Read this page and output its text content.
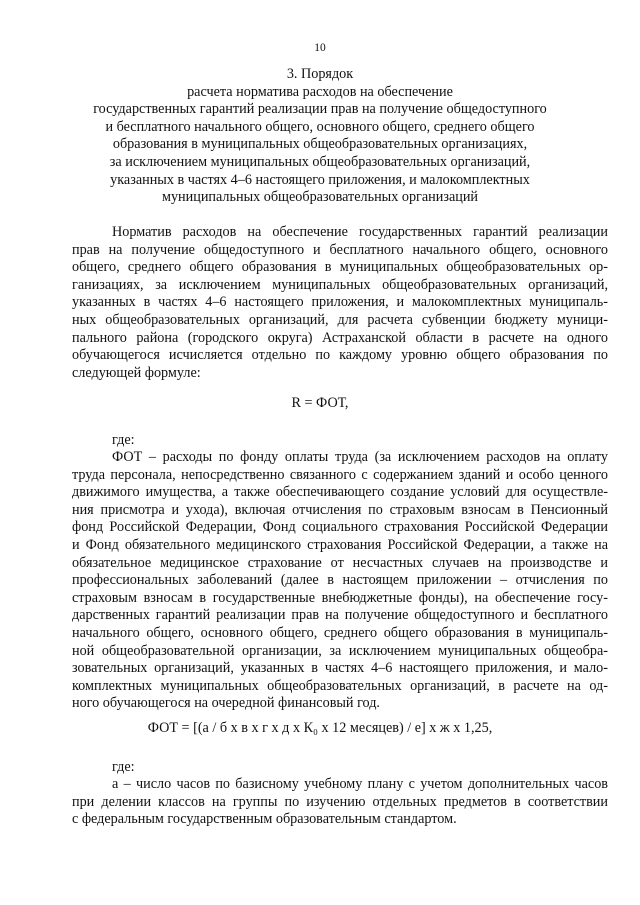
10
3. Порядок
расчета норматива расходов на обеспечение
государственных гарантий реализации прав на получение общедоступного
и бесплатного начального общего, основного общего, среднего общего
образования в муниципальных общеобразовательных организациях,
за исключением муниципальных общеобразовательных организаций,
указанных в частях 4–6 настоящего приложения, и малокомплектных
муниципальных общеобразовательных организаций
Норматив расходов на обеспечение государственных гарантий реализации
прав на получение общедоступного и бесплатного начального общего, основного
общего, среднего общего образования в муниципальных общеобразовательных ор-
ганизациях, за исключением муниципальных общеобразовательных организаций,
указанных в частях 4–6 настоящего приложения, и малокомплектных муниципаль-
ных общеобразовательных организаций, для расчета субвенции бюджету муници-
пального района (городского округа) Астраханской области в расчете на одного
обучающегося исчисляется отдельно по каждому уровню общего образования по
следующей формуле:
R = ФОТ,
где:
ФОТ – расходы по фонду оплаты труда (за исключением расходов на оплату
труда персонала, непосредственно связанного с содержанием зданий и особо ценного
движимого имущества, а также обеспечивающего создание условий для осуществле-
ния присмотра и ухода), включая отчисления по страховым взносам в Пенсионный
фонд Российской Федерации, Фонд социального страхования Российской Федерации
и Фонд обязательного медицинского страхования Российской Федерации, а также на
обязательное медицинское страхование от несчастных случаев на производстве и
профессиональных заболеваний (далее в настоящем приложении – отчисления по
страховым взносам в государственные внебюджетные фонды), на обеспечение госу-
дарственных гарантий реализации прав на получение общедоступного и бесплатного
начального общего, основного общего, среднего общего образования в муниципаль-
ной общеобразовательной организации, за исключением муниципальных общеобра-
зовательных организаций, указанных в частях 4–6 настоящего приложения, и мало-
комплектных муниципальных общеобразовательных организаций, в расчете на од-
ного обучающегося на очередной финансовый год.
ФОТ = [(а / б х в х г х д х К₀ х 12 месяцев) / е] х ж х 1,25,
где:
а – число часов по базисному учебному плану с учетом дополнительных часов
при делении классов на группы по изучению отдельных предметов в соответствии
с федеральным государственным образовательным стандартом.
